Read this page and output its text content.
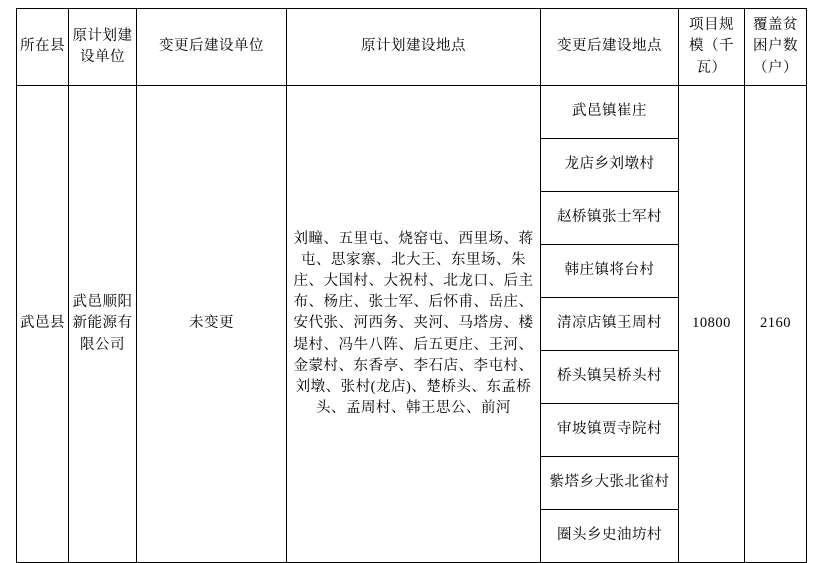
所在县	原计划建设单位	变更后建设单位	原计划建设地点	变更后建设地点	项目规模（千瓦）	覆盖贫困户数（户）
武邑县	武邑顺阳新能源有限公司	未变更	刘疃、五里屯、烧窑屯、西里场、蒋屯、思家寨、北大王、东里场、朱庄、大国村、大祝村、北龙口、后主布、杨庄、张士军、后怀甫、岳庄、安代张、河西务、夹河、马塔房、楼堤村、冯牛八阵、后五更庄、王河、金蒙村、东香亭、李石店、李屯村、刘墩、张村(龙店)、楚桥头、东孟桥头、孟周村、韩王思公、前河	武邑镇崔庄	10800	2160
				龙店乡刘墩村		
				赵桥镇张士军村		
				韩庄镇将台村		
				清凉店镇王周村		
				桥头镇吴桥头村		
				审坡镇贾寺院村		
				紫塔乡大张北雀村		
				圈头乡史油坊村		
